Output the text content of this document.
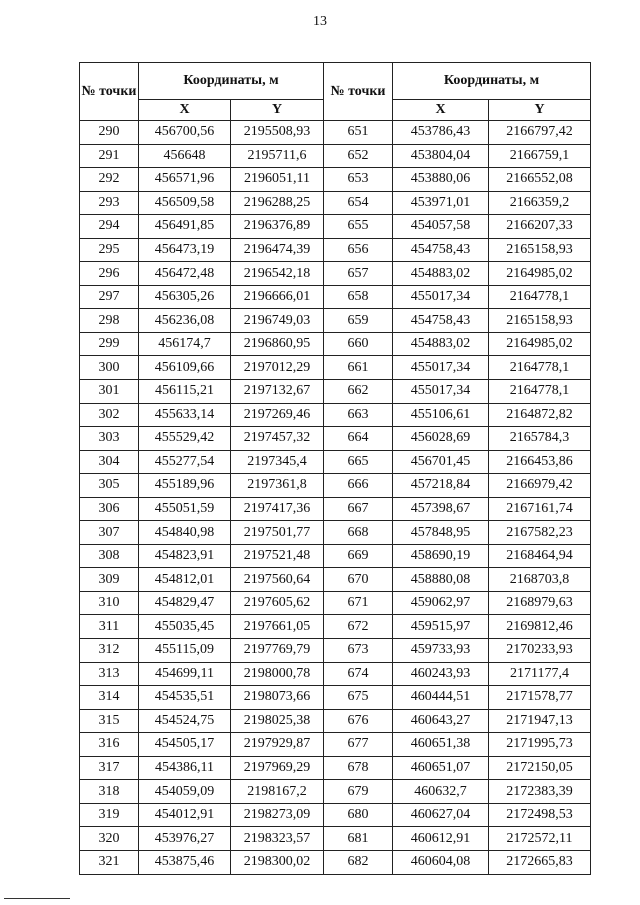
13
№ точки	Координаты, м		№ точки	Координаты, м	
	X	Y		X	Y
290	456700,56	2195508,93	651	453786,43	2166797,42
291	456648	2195711,6	652	453804,04	2166759,1
292	456571,96	2196051,11	653	453880,06	2166552,08
293	456509,58	2196288,25	654	453971,01	2166359,2
294	456491,85	2196376,89	655	454057,58	2166207,33
295	456473,19	2196474,39	656	454758,43	2165158,93
296	456472,48	2196542,18	657	454883,02	2164985,02
297	456305,26	2196666,01	658	455017,34	2164778,1
298	456236,08	2196749,03	659	454758,43	2165158,93
299	456174,7	2196860,95	660	454883,02	2164985,02
300	456109,66	2197012,29	661	455017,34	2164778,1
301	456115,21	2197132,67	662	455017,34	2164778,1
302	455633,14	2197269,46	663	455106,61	2164872,82
303	455529,42	2197457,32	664	456028,69	2165784,3
304	455277,54	2197345,4	665	456701,45	2166453,86
305	455189,96	2197361,8	666	457218,84	2166979,42
306	455051,59	2197417,36	667	457398,67	2167161,74
307	454840,98	2197501,77	668	457848,95	2167582,23
308	454823,91	2197521,48	669	458690,19	2168464,94
309	454812,01	2197560,64	670	458880,08	2168703,8
310	454829,47	2197605,62	671	459062,97	2168979,63
311	455035,45	2197661,05	672	459515,97	2169812,46
312	455115,09	2197769,79	673	459733,93	2170233,93
313	454699,11	2198000,78	674	460243,93	2171177,4
314	454535,51	2198073,66	675	460444,51	2171578,77
315	454524,75	2198025,38	676	460643,27	2171947,13
316	454505,17	2197929,87	677	460651,38	2171995,73
317	454386,11	2197969,29	678	460651,07	2172150,05
318	454059,09	2198167,2	679	460632,7	2172383,39
319	454012,91	2198273,09	680	460627,04	2172498,53
320	453976,27	2198323,57	681	460612,91	2172572,11
321	453875,46	2198300,02	682	460604,08	2172665,83
